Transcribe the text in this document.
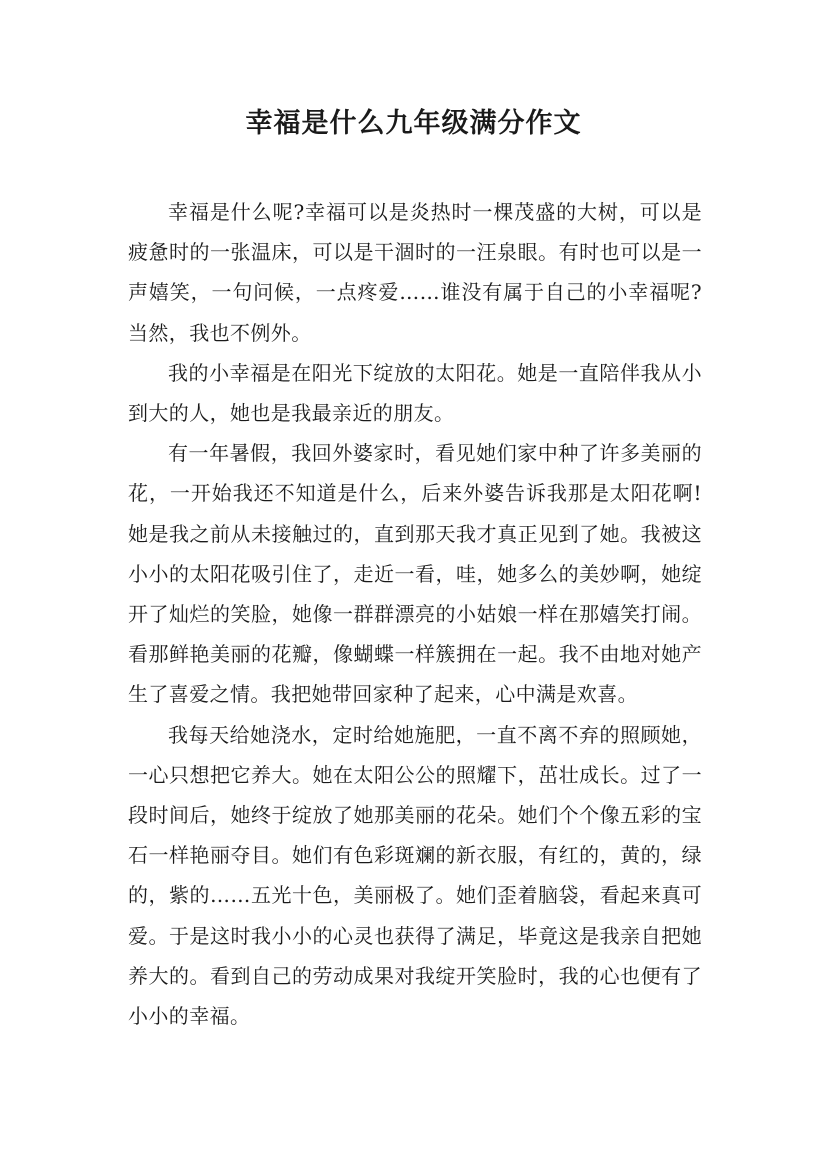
幸福是什么九年级满分作文

幸福是什么呢?幸福可以是炎热时一棵茂盛的大树，可以是疲惫时的一张温床，可以是干涸时的一汪泉眼。有时也可以是一声嬉笑，一句问候，一点疼爱……谁没有属于自己的小幸福呢?当然，我也不例外。

我的小幸福是在阳光下绽放的太阳花。她是一直陪伴我从小到大的人，她也是我最亲近的朋友。

有一年暑假，我回外婆家时，看见她们家中种了许多美丽的花，一开始我还不知道是什么，后来外婆告诉我那是太阳花啊!她是我之前从未接触过的，直到那天我才真正见到了她。我被这小小的太阳花吸引住了，走近一看，哇，她多么的美妙啊，她绽开了灿烂的笑脸，她像一群群漂亮的小姑娘一样在那嬉笑打闹。看那鲜艳美丽的花瓣，像蝴蝶一样簇拥在一起。我不由地对她产生了喜爱之情。我把她带回家种了起来，心中满是欢喜。

我每天给她浇水，定时给她施肥，一直不离不弃的照顾她，一心只想把它养大。她在太阳公公的照耀下，茁壮成长。过了一段时间后，她终于绽放了她那美丽的花朵。她们个个像五彩的宝石一样艳丽夺目。她们有色彩斑斓的新衣服，有红的，黄的，绿的，紫的……五光十色，美丽极了。她们歪着脑袋，看起来真可爱。于是这时我小小的心灵也获得了满足，毕竟这是我亲自把她养大的。看到自己的劳动成果对我绽开笑脸时，我的心也便有了小小的幸福。
